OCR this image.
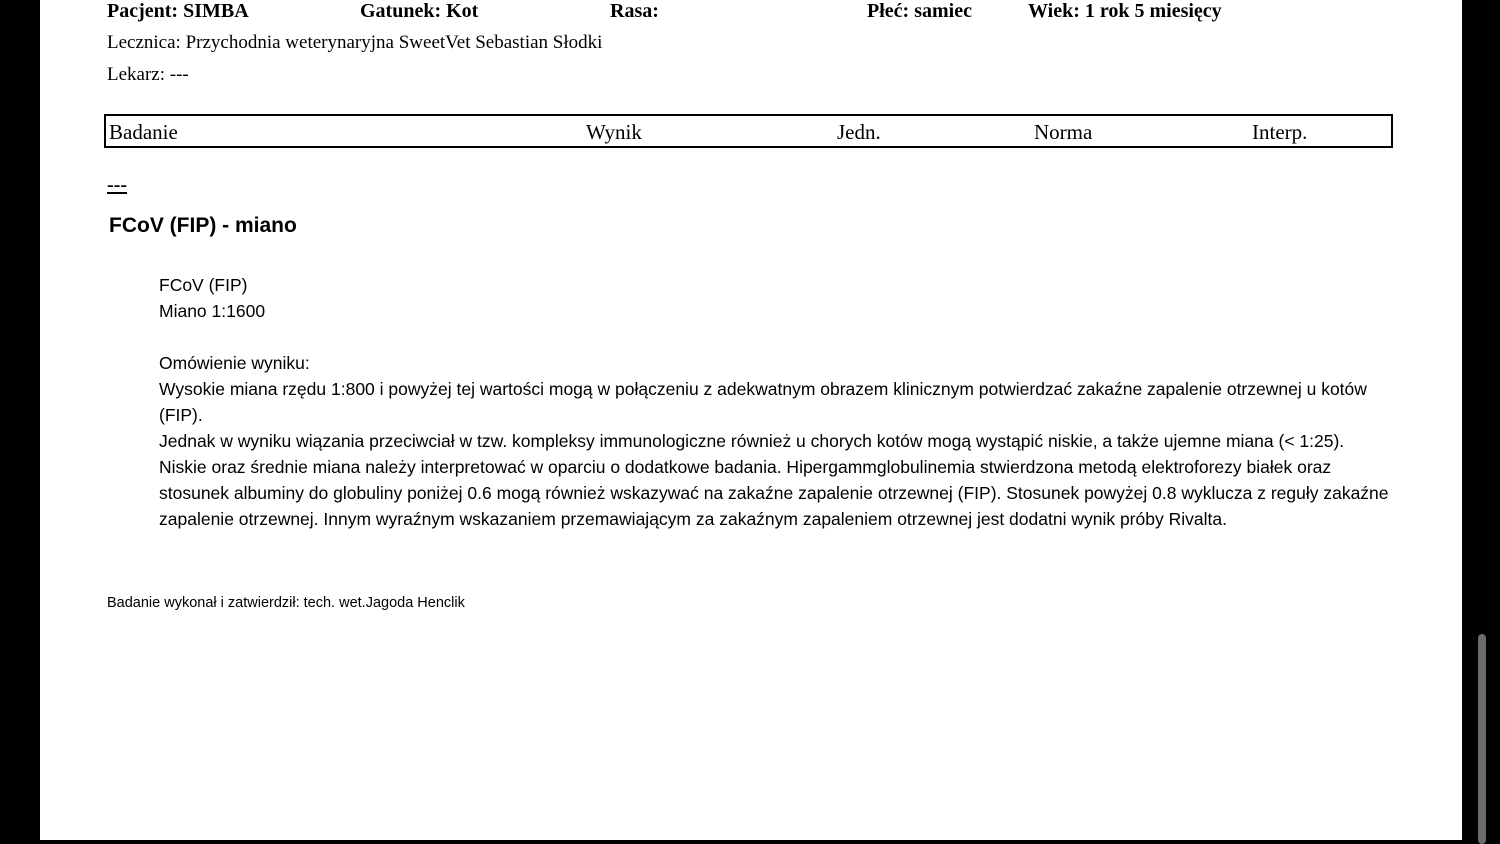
Pacjent: SIMBA	Gatunek: Kot	Rasa:	Płeć: samiec	Wiek: 1 rok 5 miesięcy
Lecznica: Przychodnia weterynaryjna SweetVet Sebastian Słodki
Lekarz: ---
Badanie	Wynik	Jedn.	Norma	Interp.
---
FCoV (FIP) - miano

FCoV (FIP)

Miano 1:1600

Omówienie wyniku:

Wysokie miana rzędu 1:800 i powyżej tej wartości mogą w połączeniu z adekwatnym obrazem klinicznym potwierdzać zakaźne zapalenie otrzewnej u kotów (FIP).

Jednak w wyniku wiązania przeciwciał w tzw. kompleksy immunologiczne również u chorych kotów mogą wystąpić niskie, a także ujemne miana (< 1:25).

Niskie oraz średnie miana należy interpretować w oparciu o dodatkowe badania. Hipergammglobulinemia stwierdzona metodą elektroforezy białek oraz stosunek albuminy do globuliny poniżej 0.6 mogą również wskazywać na zakaźne zapalenie otrzewnej (FIP). Stosunek powyżej 0.8 wyklucza z reguły zakaźne zapalenie otrzewnej. Innym wyraźnym wskazaniem przemawiającym za zakaźnym zapaleniem otrzewnej jest dodatni wynik próby Rivalta.

Badanie wykonał i zatwierdził: tech. wet.Jagoda Henclik
